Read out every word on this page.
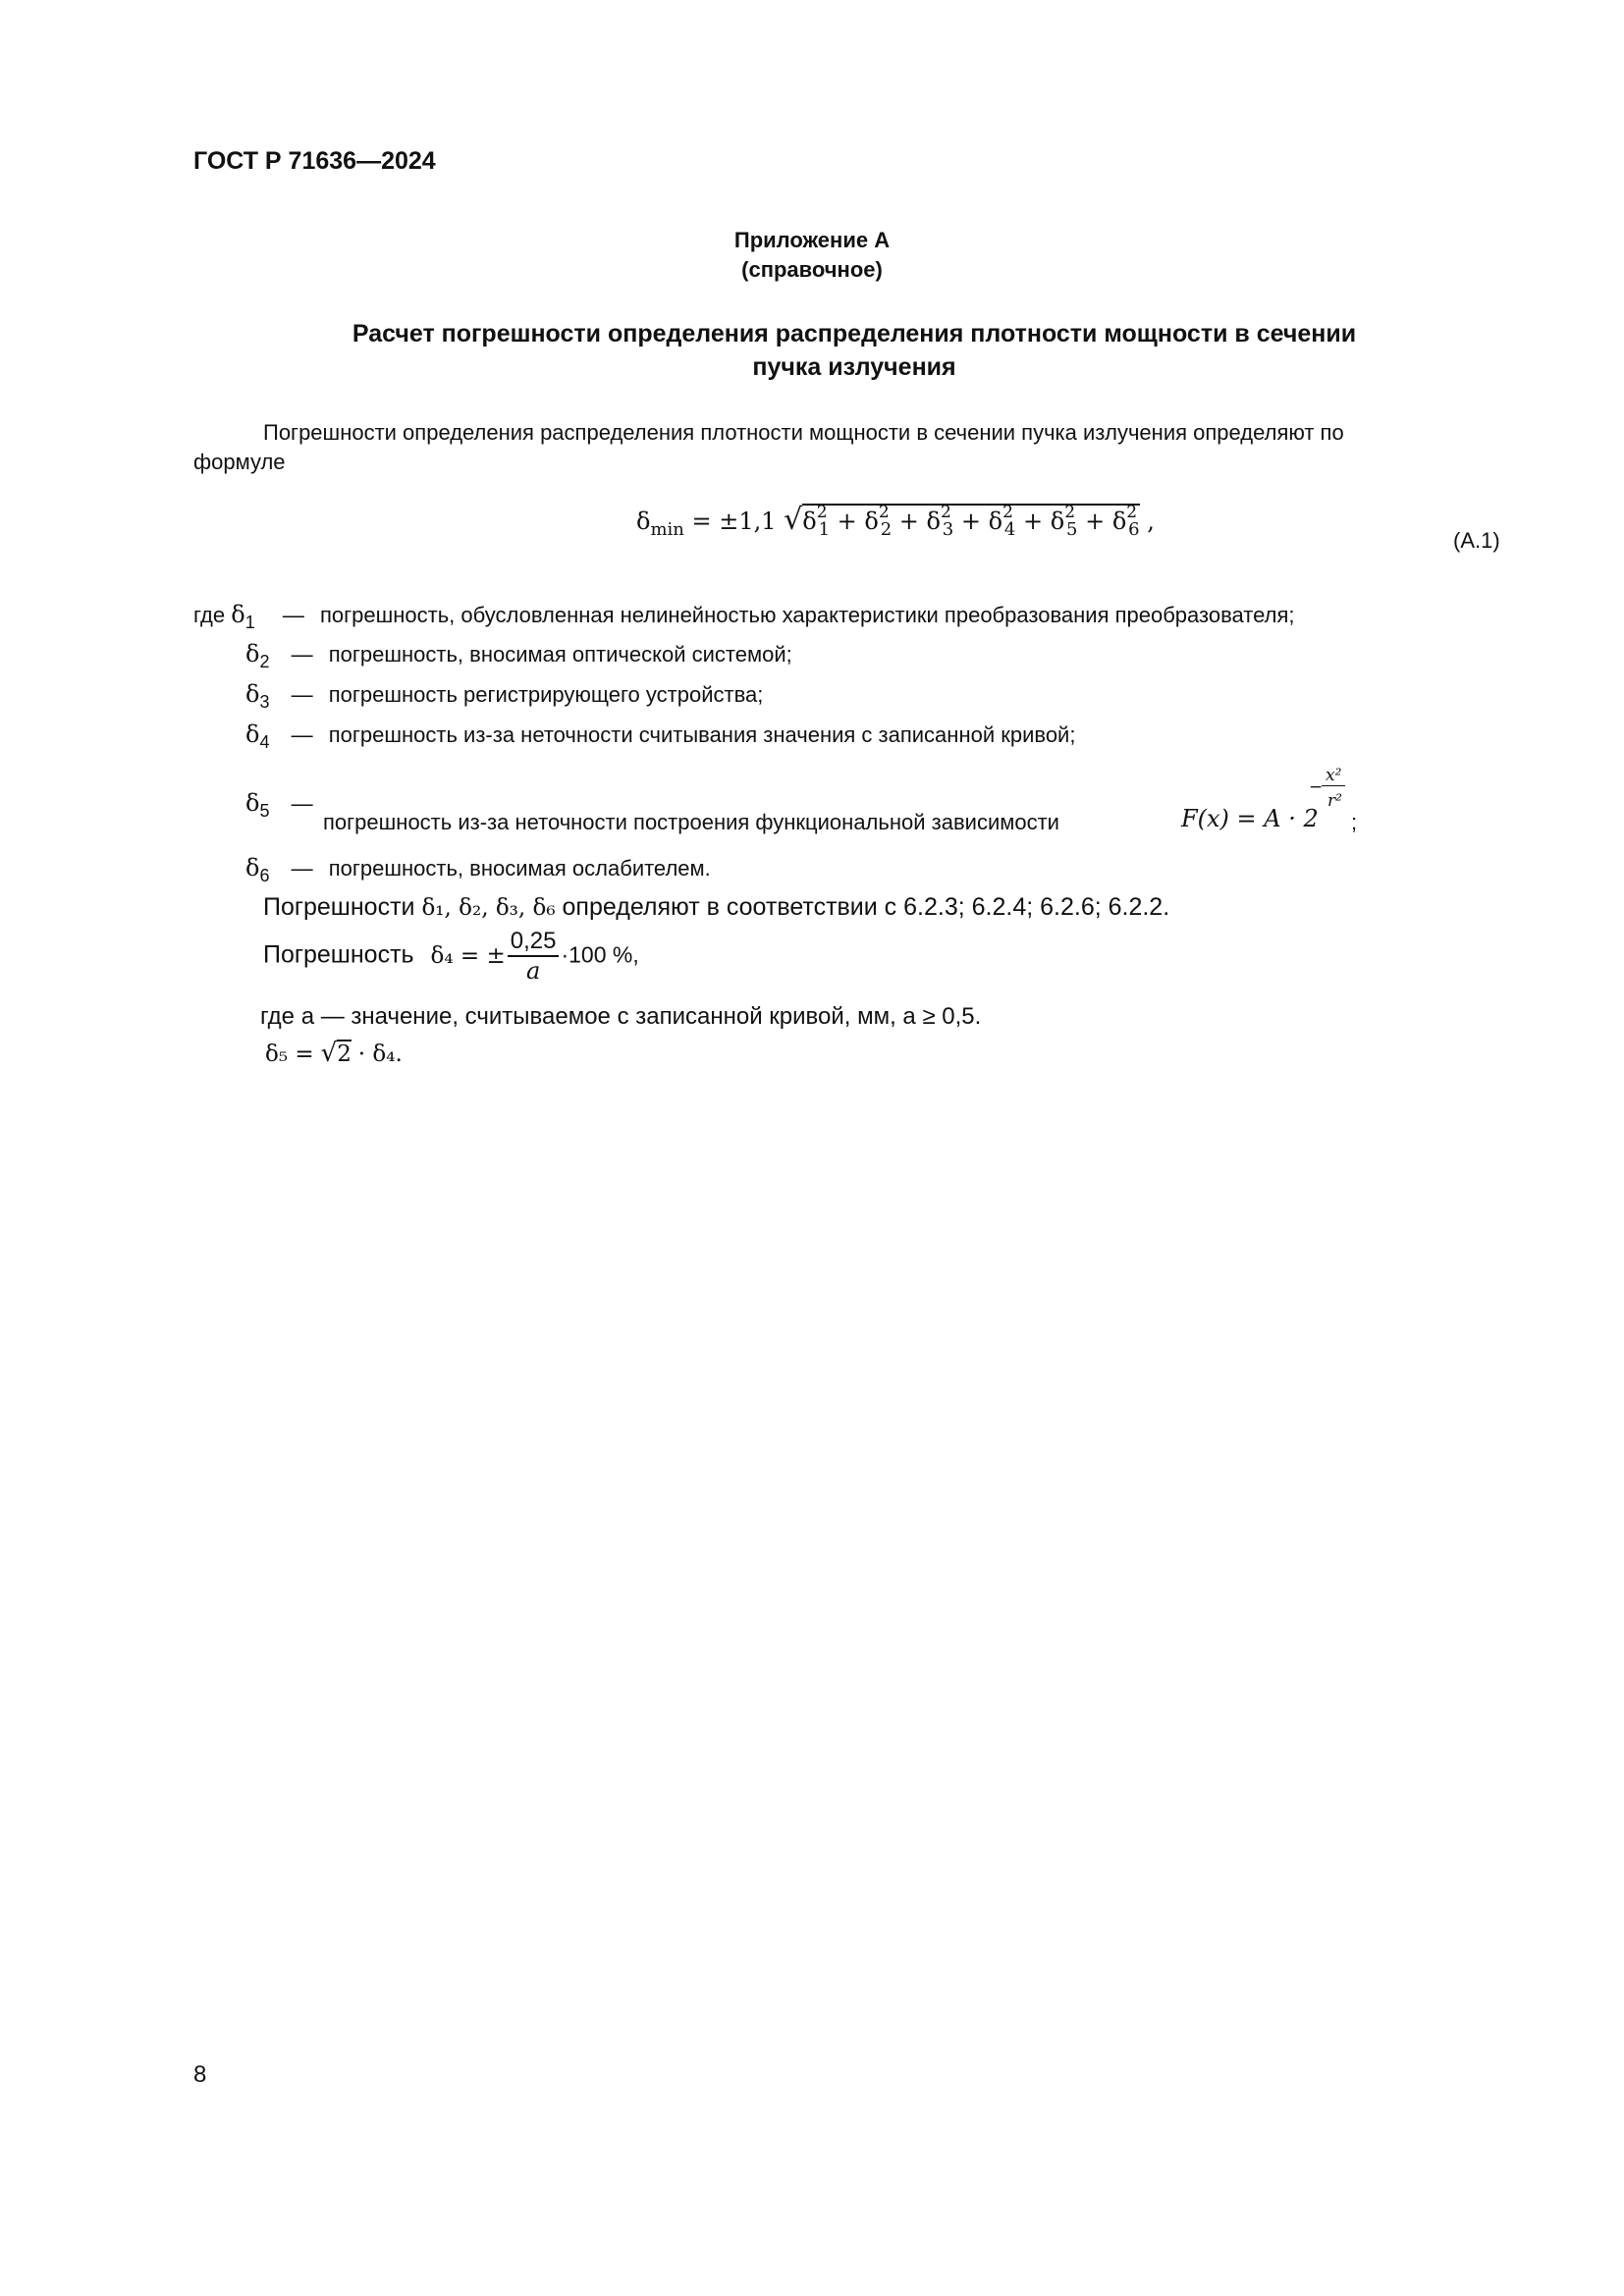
ГОСТ Р 71636—2024
Приложение А
(справочное)
Расчет погрешности определения распределения плотности мощности в сечении
пучка излучения
Погрешности определения распределения плотности мощности в сечении пучка излучения определяют по
формуле
$\delta_{min} = \pm 1,1$ $√\delta^2_1 + \delta^2_2 + \delta^2_3 + \delta^2_4 + \delta^2_5 + \delta^2_6$ ,
(A.1)
где $\delta_1$ — погрешность, обусловленная нелинейностью характеристики преобразования преобразователя;
$\delta_2$ — погрешность, вносимая оптической системой;
$\delta_3$ — погрешность регистрирующего устройства;
$\delta_4$ — погрешность из-за неточности считывания значения с записанной кривой;
$\delta_5$ —
погрешность из-за неточности построения функциональной зависимости	F(x) = A · 2
−
x²
r²
;
$\delta_6$ — погрешность, вносимая ослабителем.
Погрешности δ₁, δ₂, δ₃, δ₆ определяют в соответствии с 6.2.3; 6.2.4; 6.2.6; 6.2.2.
Погрешность δ₄ = ± $\frac{0,25}{a} \cdot 100$ %,
где a — значение, считываемое с записанной кривой, мм, a ≥ 0,5.
δ₅ = √2 · δ₄.
8
